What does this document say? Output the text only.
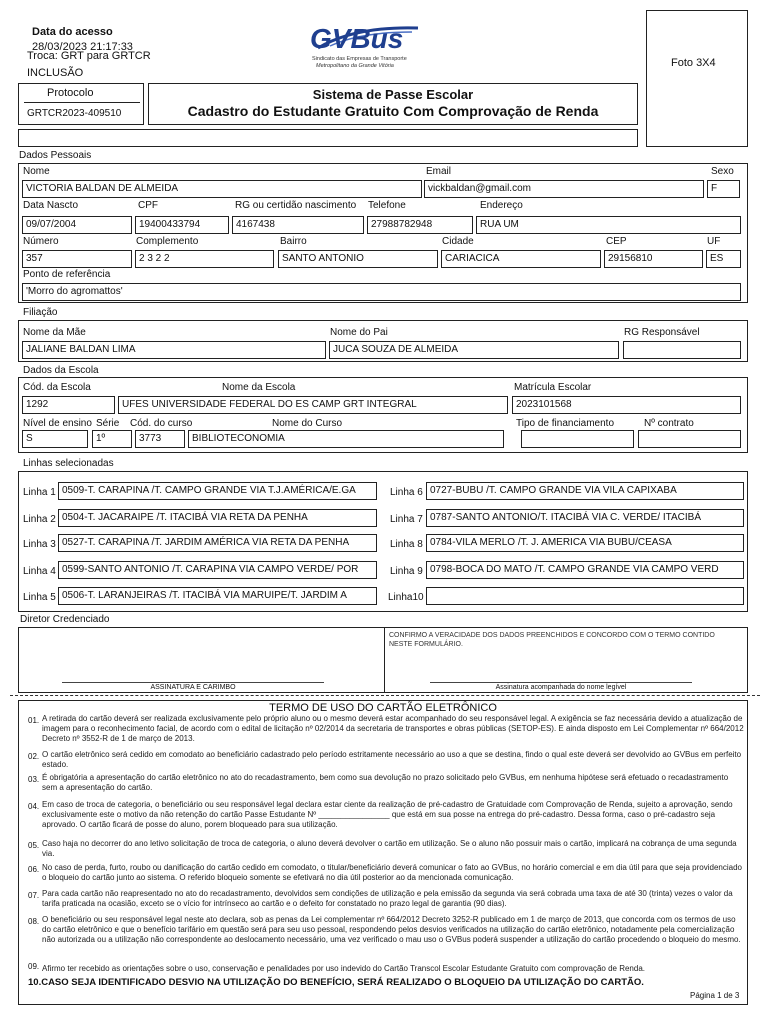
Data do acesso
28/03/2023 21:17:33
Troca: GRT para GRTCR
INCLUSÃO
Protocolo
GRTCR2023-409510
GVBus
Sindicato das Empresas de Transporte
Metropolitano da Grande Vitória
Sistema de Passe Escolar
Cadastro do Estudante Gratuito Com Comprovação de Renda
Foto 3X4
Dados Pessoais
Nome
VICTORIA BALDAN DE ALMEIDA
Email
vickbaldan@gmail.com
Sexo
F
Data Nascto
09/07/2004
CPF
19400433794
RG ou certidão nascimento
4167438
Telefone
27988782948
Endereço
RUA UM
Número
357
Complemento
2 3 2 2
Bairro
SANTO ANTONIO
Cidade
CARIACICA
CEP
29156810
UF
ES
Ponto de referência
'Morro do agromattos'
Filiação
Nome da Mãe
JALIANE BALDAN LIMA
Nome do Pai
JUCA SOUZA DE ALMEIDA
RG Responsável
Dados da Escola
Cód. da Escola
1292
Nome da Escola
UFES UNIVERSIDADE FEDERAL DO ES CAMP GRT INTEGRAL
Matrícula Escolar
2023101568
Nível de ensino
S
Série
1º
Cód. do curso
3773
Nome do Curso
BIBLIOTECONOMIA
Tipo de financiamento	Nº contrato
Linhas selecionadas
Linha 1 0509-T. CARAPINA /T. CAMPO GRANDE VIA T.J.AMÉRICA/E.GA
Linha 2 0504-T. JACARAIPE /T. ITACIBÁ VIA RETA DA PENHA
Linha 3 0527-T. CARAPINA /T. JARDIM AMÉRICA VIA RETA DA PENHA
Linha 4 0599-SANTO ANTONIO /T. CARAPINA VIA CAMPO VERDE/ POR
Linha 5 0506-T. LARANJEIRAS /T. ITACIBÁ VIA MARUIPE/T. JARDIM A
Linha 6 0727-BUBU /T. CAMPO GRANDE VIA VILA CAPIXABA
Linha 7 0787-SANTO ANTONIO/T. ITACIBÁ VIA C. VERDE/ ITACIBÁ
Linha 8 0784-VILA MERLO /T. J. AMERICA VIA BUBU/CEASA
Linha 9 0798-BOCA DO MATO /T. CAMPO GRANDE VIA CAMPO VERD
Linha10
Diretor Credenciado
CONFIRMO A VERACIDADE DOS DADOS PREENCHIDOS E CONCORDO COM O TERMO CONTIDO NESTE FORMULÁRIO.
ASSINATURA E CARIMBO	Assinatura acompanhada do nome legível
TERMO DE USO DO CARTÃO ELETRÔNICO
01. A retirada do cartão deverá ser realizada exclusivamente pelo próprio aluno ou o mesmo deverá estar acompanhado do seu responsável legal. A exigência se faz necessária devido a atualização de imagem para o reconhecimento facial, de acordo com o edital de licitação nº 02/2014 da secretaria de transportes e obras públicas (SETOP-ES). E ainda disposto em Lei Complementar nº 664/2012 Decreto nº 3552-R de 1 de março de 2013.
02. O cartão eletrônico será cedido em comodato ao beneficiário cadastrado pelo período estritamente necessário ao uso a que se destina, findo o qual este deverá ser devolvido ao GVBus em perfeito estado.
03. É obrigatória a apresentação do cartão eletrônico no ato do recadastramento, bem como sua devolução no prazo solicitado pelo GVBus, em nenhuma hipótese será efetuado o recadastramento sem a apresentação do cartão.
04. Em caso de troca de categoria, o beneficiário ou seu responsável legal declara estar ciente da realização de pré-cadastro de Gratuidade com Comprovação de Renda, sujeito a aprovação, sendo exclusivamente este o motivo da não retenção do cartão Passe Estudante Nº ________________ que está em sua posse na entrega do pré-cadastro. Dessa forma, caso o pré-cadastro seja aprovado. O cartão ficará de posse do aluno, porem bloqueado para sua utilização.
05. Caso haja no decorrer do ano letivo solicitação de troca de categoria, o aluno deverá devolver o cartão em utilização. Se o aluno não possuir mais o cartão, implicará na cobrança de uma segunda via.
06. No caso de perda, furto, roubo ou danificação do cartão cedido em comodato, o titular/beneficiário deverá comunicar o fato ao GVBus, no horário comercial e em dia útil para que seja providenciado o bloqueio do cartão junto ao sistema. O referido bloqueio somente se efetivará no dia útil posterior ao da mencionada comunicação.
07. Para cada cartão não reapresentado no ato do recadastramento, devolvidos sem condições de utilização e pela emissão da segunda via será cobrada uma taxa de até 30 (trinta) vezes o valor da tarifa praticada na ocasião, exceto se o vício for intrínseco ao cartão e o defeito for constatado no prazo legal de garantia (90 dias).
08. O beneficiário ou seu responsável legal neste ato declara, sob as penas da Lei complementar nº 664/2012 Decreto 3252-R publicado em 1 de março de 2013, que concorda com os termos de uso do cartão eletrônico e que o benefício tarifário em questão será para seu uso pessoal, respondendo pelos desvios verificados na utilização do cartão eletrônico, notadamente pela comercialização não autorizada ou a utilização não correspondente ao deslocamento necessário, uma vez verificado o mau uso o GVBus poderá suspender a utilização do cartão procedendo o bloqueio do mesmo.
09. Afirmo ter recebido as orientações sobre o uso, conservação e penalidades por uso indevido do Cartão Transcol Escolar Estudante Gratuito com comprovação de Renda.
10.CASO SEJA IDENTIFICADO DESVIO NA UTILIZAÇÃO DO BENEFÍCIO, SERÁ REALIZADO O BLOQUEIO DA UTILIZAÇÃO DO CARTÃO.
Página 1 de 3
